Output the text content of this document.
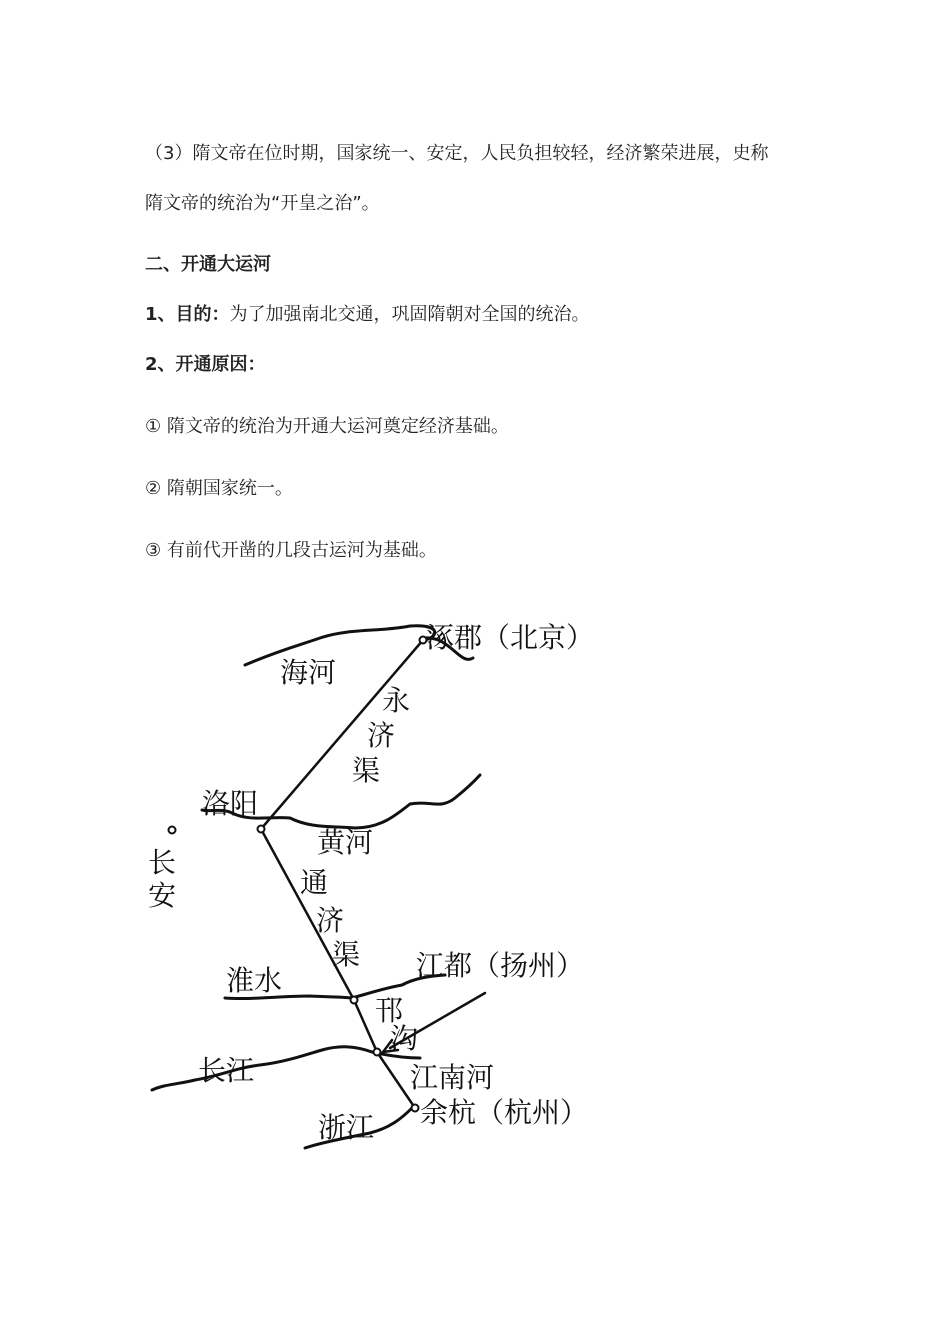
（3）隋文帝在位时期，国家统一、安定，人民负担较轻，经济繁荣进展，史称
隋文帝的统治为“开皇之治”。
二、开通大运河
1、目的：为了加强南北交通，巩固隋朝对全国的统治。
2、开通原因：
① 隋文帝的统治为开通大运河奠定经济基础。
② 隋朝国家统一。
③ 有前代开凿的几段古运河为基础。
涿郡（北京）
海河
永
济
渠
洛阳
长
安
黄河
通
济
渠
淮水	江都（扬州）
邗
沟
长江	江南河
余杭（杭州）
浙江
